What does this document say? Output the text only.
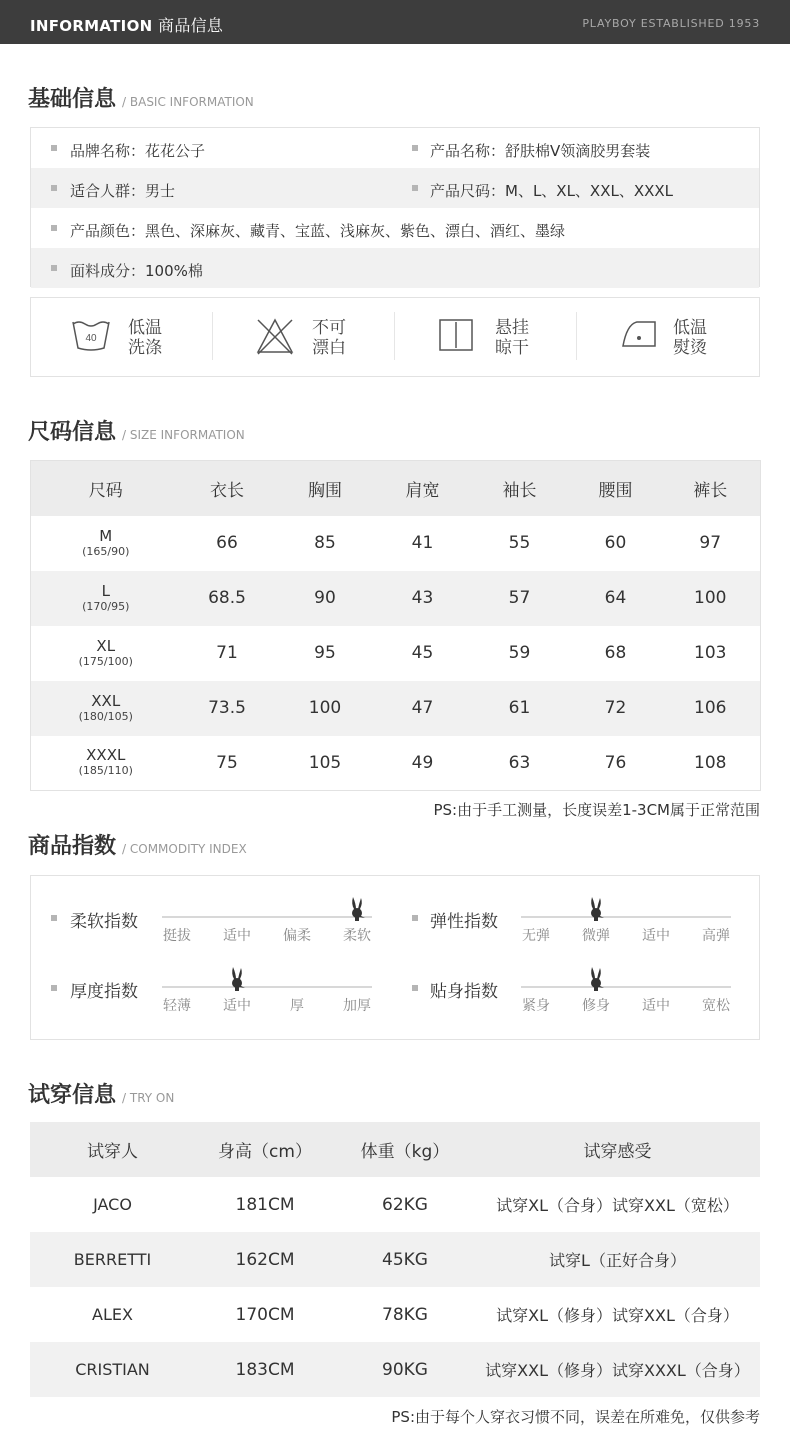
INFORMATION 商品信息	PLAYBOY ESTABLISHED 1953
基础信息 / BASIC INFORMATION
品牌名称：花花公子	产品名称：舒肤棉V领滴胶男套装
适合人群：男士	产品尺码：M、L、XL、XXL、XXXL
产品颜色：黑色、深麻灰、藏青、宝蓝、浅麻灰、紫色、漂白、酒红、墨绿
面料成分：100%棉
40
低温
洗涤
不可
漂白
悬挂
晾干
低温
熨烫
尺码信息 / SIZE INFORMATION
尺码	衣长	胸围	肩宽	袖长	腰围	裤长

M
(165/90)	66	85	41	55	60	97

L
(170/95)	68.5	90	43	57	64	100

XL
(175/100)	71	95	45	59	68	103

XXL
(180/105)	73.5	100	47	61	72	106

XXXL
(185/110)	75	105	49	63	76	108
PS:由于手工测量，长度误差1-3CM属于正常范围
商品指数 / COMMODITY INDEX
柔软指数
挺拔 适中 偏柔 柔软
弹性指数
无弹 微弹 适中 高弹
厚度指数
轻薄 适中	厚	加厚
贴身指数
紧身 修身 适中 宽松
试穿信息 / TRY ON
试穿人	身高（cm）	体重（kg）	试穿感受
JACO	181CM	62KG	试穿XL（合身）试穿XXL（宽松）
BERRETTI	162CM	45KG	试穿L（正好合身）
ALEX	170CM	78KG	试穿XL（修身）试穿XXL（合身）
CRISTIAN	183CM	90KG	试穿XXL（修身）试穿XXXL（合身）
PS:由于每个人穿衣习惯不同，误差在所难免，仅供参考
